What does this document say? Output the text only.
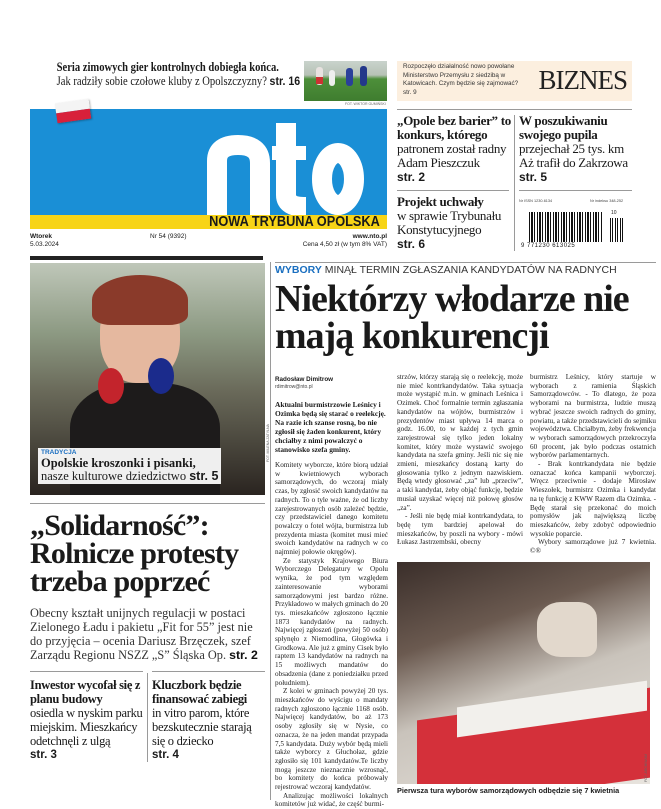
Seria zimowych gier kontrolnych dobiegła końca.
Jak radziły sobie czołowe kluby z Opolszczyzny? str. 16
FOT. WIKTOR GUMIŃSKI
Rozpoczęło działalność nowo powołane Ministerstwo Przemysłu z siedzibą w Katowicach. Czym będzie się zajmować? str. 9	BIZNES
NOWA TRYBUNA OPOLSKA
Wtorek
5.03.2024
Nr 54 (9392)	www.nto.pl
Cena 4,50 zł (w tym 8% VAT)
„Opole bez barier” to konkurs, którego
patronem został radny Adam Pieszczuk
str. 2
W poszukiwaniu swojego pupila
przejechał 25 tys. km Aż trafił do Zakrzowa
str. 5
Projekt uchwały
w sprawie Trybunału Konstytucyjnego
str. 6
Nr ISSN 1230-6134	Nr indeksu 348-252
10
9 771230 613025
FOT. MILENA ZATYLNA
TRADYCJA
Opolskie kroszonki i pisanki,
nasze kulturowe dziedzictwo str. 5
„Solidarność”: Rolnicze protesty trzeba poprzeć
Obecny kształt unijnych regulacji w postaci Zielonego Ładu i pakietu „Fit for 55” jest nie do przyjęcia – ocenia Dariusz Brzęczek, szef Zarządu Regionu NSZZ „S” Śląska Op. str. 2
Inwestor wycofał się z planu budowy
osiedla w nyskim parku miejskim. Mieszkańcy odetchnęli z ulgą
str. 3
Kluczbork będzie finansować zabiegi
in vitro parom, które bezskutecznie starają się o dziecko
str. 4
WYBORY MINĄŁ TERMIN ZGŁASZANIA KANDYDATÓW NA RADNYCH
Niektórzy włodarze nie mają konkurencji
Radosław Dimitrow
rdimitrow@nto.pl
Aktualni burmistrzowie Leśnicy i Ozimka będą się starać o reelekcję. Na razie ich szanse rosną, bo nie zgłosił się żaden konkurent, który chciałby z nimi powalczyć o stanowisko szefa gminy.

Komitety wyborcze, które biorą udział w kwietniowych wyborach samorządowych, do wczoraj miały czas, by zgłosić swoich kandydatów na radnych. To o tyle ważne, że od liczby zarejestrowanych osób zależeć będzie, czy przedstawiciel danego komitetu powalczy o fotel wójta, burmistrza lub prezydenta miasta (komitet musi mieć swoich kandydatów na radnych w co najmniej połowie okręgów).

Ze statystyk Krajowego Biura Wyborczego Delegatury w Opolu wynika, że pod tym względem zainteresowanie wyborami samorządowymi jest bardzo różne. Przykładowo w małych gminach do 20 tys. mieszkańców zgłoszono łącznie 1873 kandydatów na radnych. Najwięcej zgłoszeń (powyżej 50 osób) spłynęło z Niemodlina, Głogówka i Grodkowa. Ale już z gminy Cisek było raptem 13 kandydatów na radnych na 15 możliwych mandatów do obsadzenia (dane z poniedziałku przed południem).

Z kolei w gminach powyżej 20 tys. mieszkańców do wyścigu o mandaty radnych zgłoszono łącznie 1168 osób. Najwięcej kandydatów, bo aż 173 osoby zgłosiły się w Nysie, co oznacza, że na jeden mandat przypada 7,5 kandydata. Duży wybór będą mieli także wyborcy z Głuchołaz, gdzie zgłosiło się 101 kandydatów.Te liczby mogą jeszcze nieznacznie wzrosnąć, bo komitety do końca próbowały rejestrować wczoraj kandydatów.

Analizując możliwości lokalnych komitetów już widać, że część burmi-

strzów, którzy starają się o reelekcję, może nie mieć kontrkandydatów. Taka sytuacja może wystąpić m.in. w gminach Leśnica i Ozimek. Choć formalnie termin zgłaszania kandydatów na wójtów, burmistrzów i prezydentów miast upływa 14 marca o godz. 16.00, to w każdej z tych gmin zarejestrował się tylko jeden lokalny komitet, który może wystawić swojego kandydata na szefa gminy. Jeśli nic się nie zmieni, mieszkańcy dostaną karty do głosowania tylko z jednym nazwiskiem. Będą wtedy głosować „za” lub „przeciw”, a taki kandydat, żeby objąć funkcję, będzie musiał uzyskać więcej niż połowę głosów „za”.

- Jeśli nie będę miał kontrkandydata, to będę tym bardziej apelował do mieszkańców, by poszli na wybory - mówi Łukasz Jastrzembski, obecny

burmistrz Leśnicy, który startuje w wyborach z ramienia Śląskich Samorządowców. - To dlatego, że poza wyborami na burmistrza, ludzie muszą wybrać jeszcze swoich radnych do gminy, powiatu, a także przedstawicieli do sejmiku województwa. Chciałbym, żeby frekwencja w wyborach samorządowych przekroczyła 60 procent, jak było podczas ostatnich wyborów parlamentarnych.

- Brak kontrkandydata nie będzie oznaczać końca kampanii wyborczej. Wręcz przeciwnie - dodaje Mirosław Wieszołek, burmistrz Ozimka i kandydat na tę funkcję z KWW Razem dla Ozimka. - Będę starał się przekonać do moich pomysłów jak największą liczbę mieszkańców, żeby zdobyć odpowiednio wysokie poparcie.

Wybory samorządowe już 7 kwietnia. ©®

FOT. ARCHIWUM
Pierwsza tura wyborów samorządowych odbędzie się 7 kwietnia
